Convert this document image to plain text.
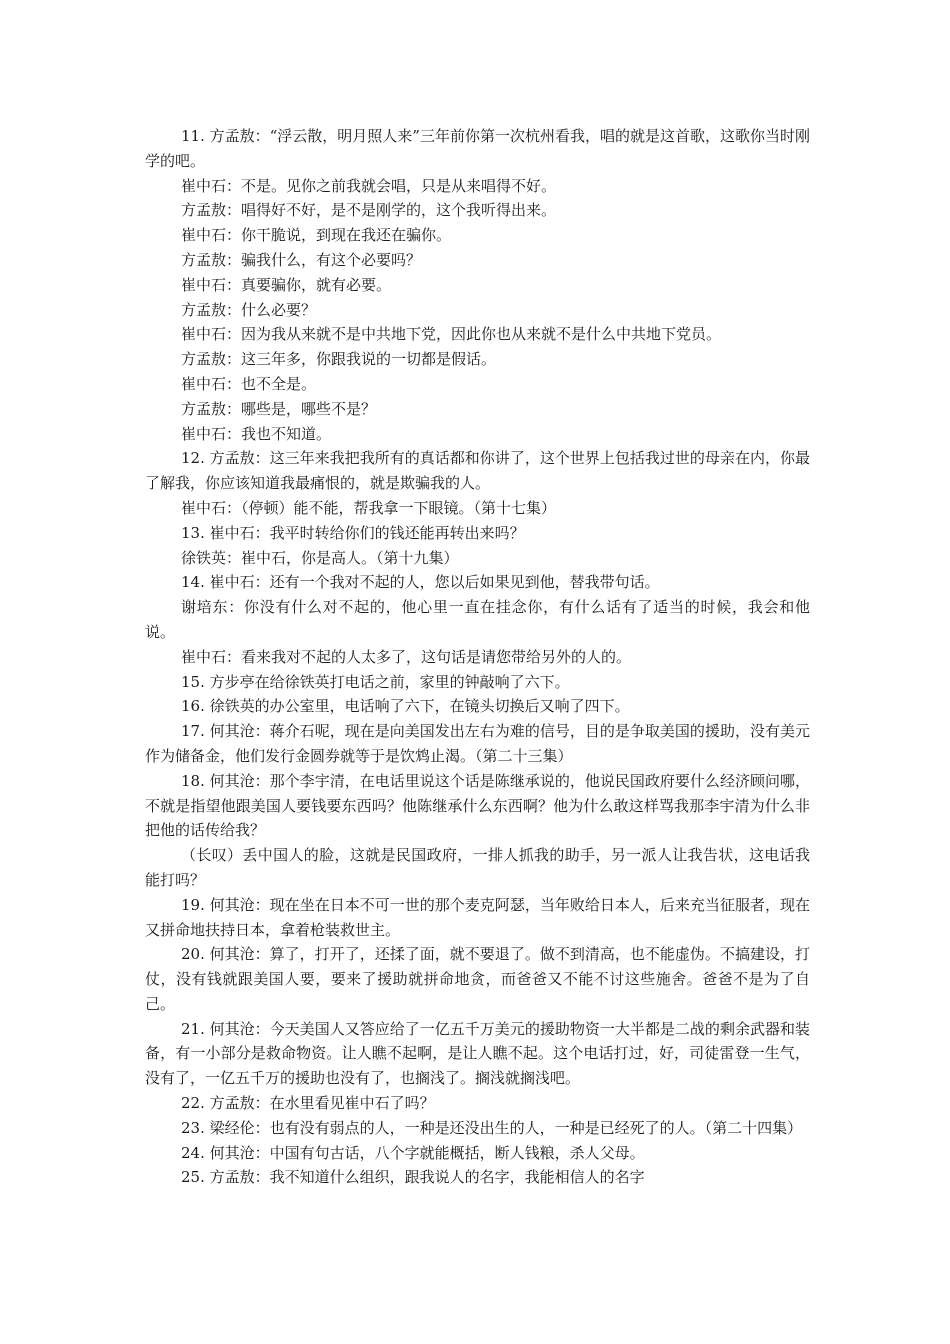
11. 方孟敖：“浮云散，明月照人来”三年前你第一次杭州看我，唱的就是这首歌，这歌你当时刚学的吧。

崔中石：不是。见你之前我就会唱，只是从来唱得不好。

方孟敖：唱得好不好，是不是刚学的，这个我听得出来。

崔中石：你干脆说，到现在我还在骗你。

方孟敖：骗我什么，有这个必要吗？

崔中石：真要骗你，就有必要。

方孟敖：什么必要？

崔中石：因为我从来就不是中共地下党，因此你也从来就不是什么中共地下党员。

方孟敖：这三年多，你跟我说的一切都是假话。

崔中石：也不全是。

方孟敖：哪些是，哪些不是？

崔中石：我也不知道。

12. 方孟敖：这三年来我把我所有的真话都和你讲了，这个世界上包括我过世的母亲在内，你最了解我，你应该知道我最痛恨的，就是欺骗我的人。

崔中石：（停顿）能不能，帮我拿一下眼镜。（第十七集）

13. 崔中石：我平时转给你们的钱还能再转出来吗？

徐铁英：崔中石，你是高人。（第十九集）

14. 崔中石：还有一个我对不起的人，您以后如果见到他，替我带句话。

谢培东：你没有什么对不起的，他心里一直在挂念你，有什么话有了适当的时候，我会和他说。

崔中石：看来我对不起的人太多了，这句话是请您带给另外的人的。

15. 方步亭在给徐铁英打电话之前，家里的钟敲响了六下。

16. 徐铁英的办公室里，电话响了六下，在镜头切换后又响了四下。

17. 何其沧：蒋介石呢，现在是向美国发出左右为难的信号，目的是争取美国的援助，没有美元作为储备金，他们发行金圆券就等于是饮鸩止渴。（第二十三集）

18. 何其沧：那个李宇清，在电话里说这个话是陈继承说的，他说民国政府要什么经济顾问哪，不就是指望他跟美国人要钱要东西吗？他陈继承什么东西啊？他为什么敢这样骂我那李宇清为什么非把他的话传给我？

（长叹）丢中国人的脸，这就是民国政府，一排人抓我的助手，另一派人让我告状，这电话我能打吗？

19. 何其沧：现在坐在日本不可一世的那个麦克阿瑟，当年败给日本人，后来充当征服者，现在又拼命地扶持日本，拿着枪装救世主。

20. 何其沧：算了，打开了，还揉了面，就不要退了。做不到清高，也不能虚伪。不搞建设，打仗，没有钱就跟美国人要，要来了援助就拼命地贪，而爸爸又不能不讨这些施舍。爸爸不是为了自己。

21. 何其沧：今天美国人又答应给了一亿五千万美元的援助物资一大半都是二战的剩余武器和装备，有一小部分是救命物资。让人瞧不起啊，是让人瞧不起。这个电话打过，好，司徒雷登一生气，没有了，一亿五千万的援助也没有了，也搁浅了。搁浅就搁浅吧。

22. 方孟敖：在水里看见崔中石了吗？

23. 梁经伦：也有没有弱点的人，一种是还没出生的人，一种是已经死了的人。（第二十四集）

24. 何其沧：中国有句古话，八个字就能概括，断人钱粮，杀人父母。

25. 方孟敖：我不知道什么组织，跟我说人的名字，我能相信人的名字
